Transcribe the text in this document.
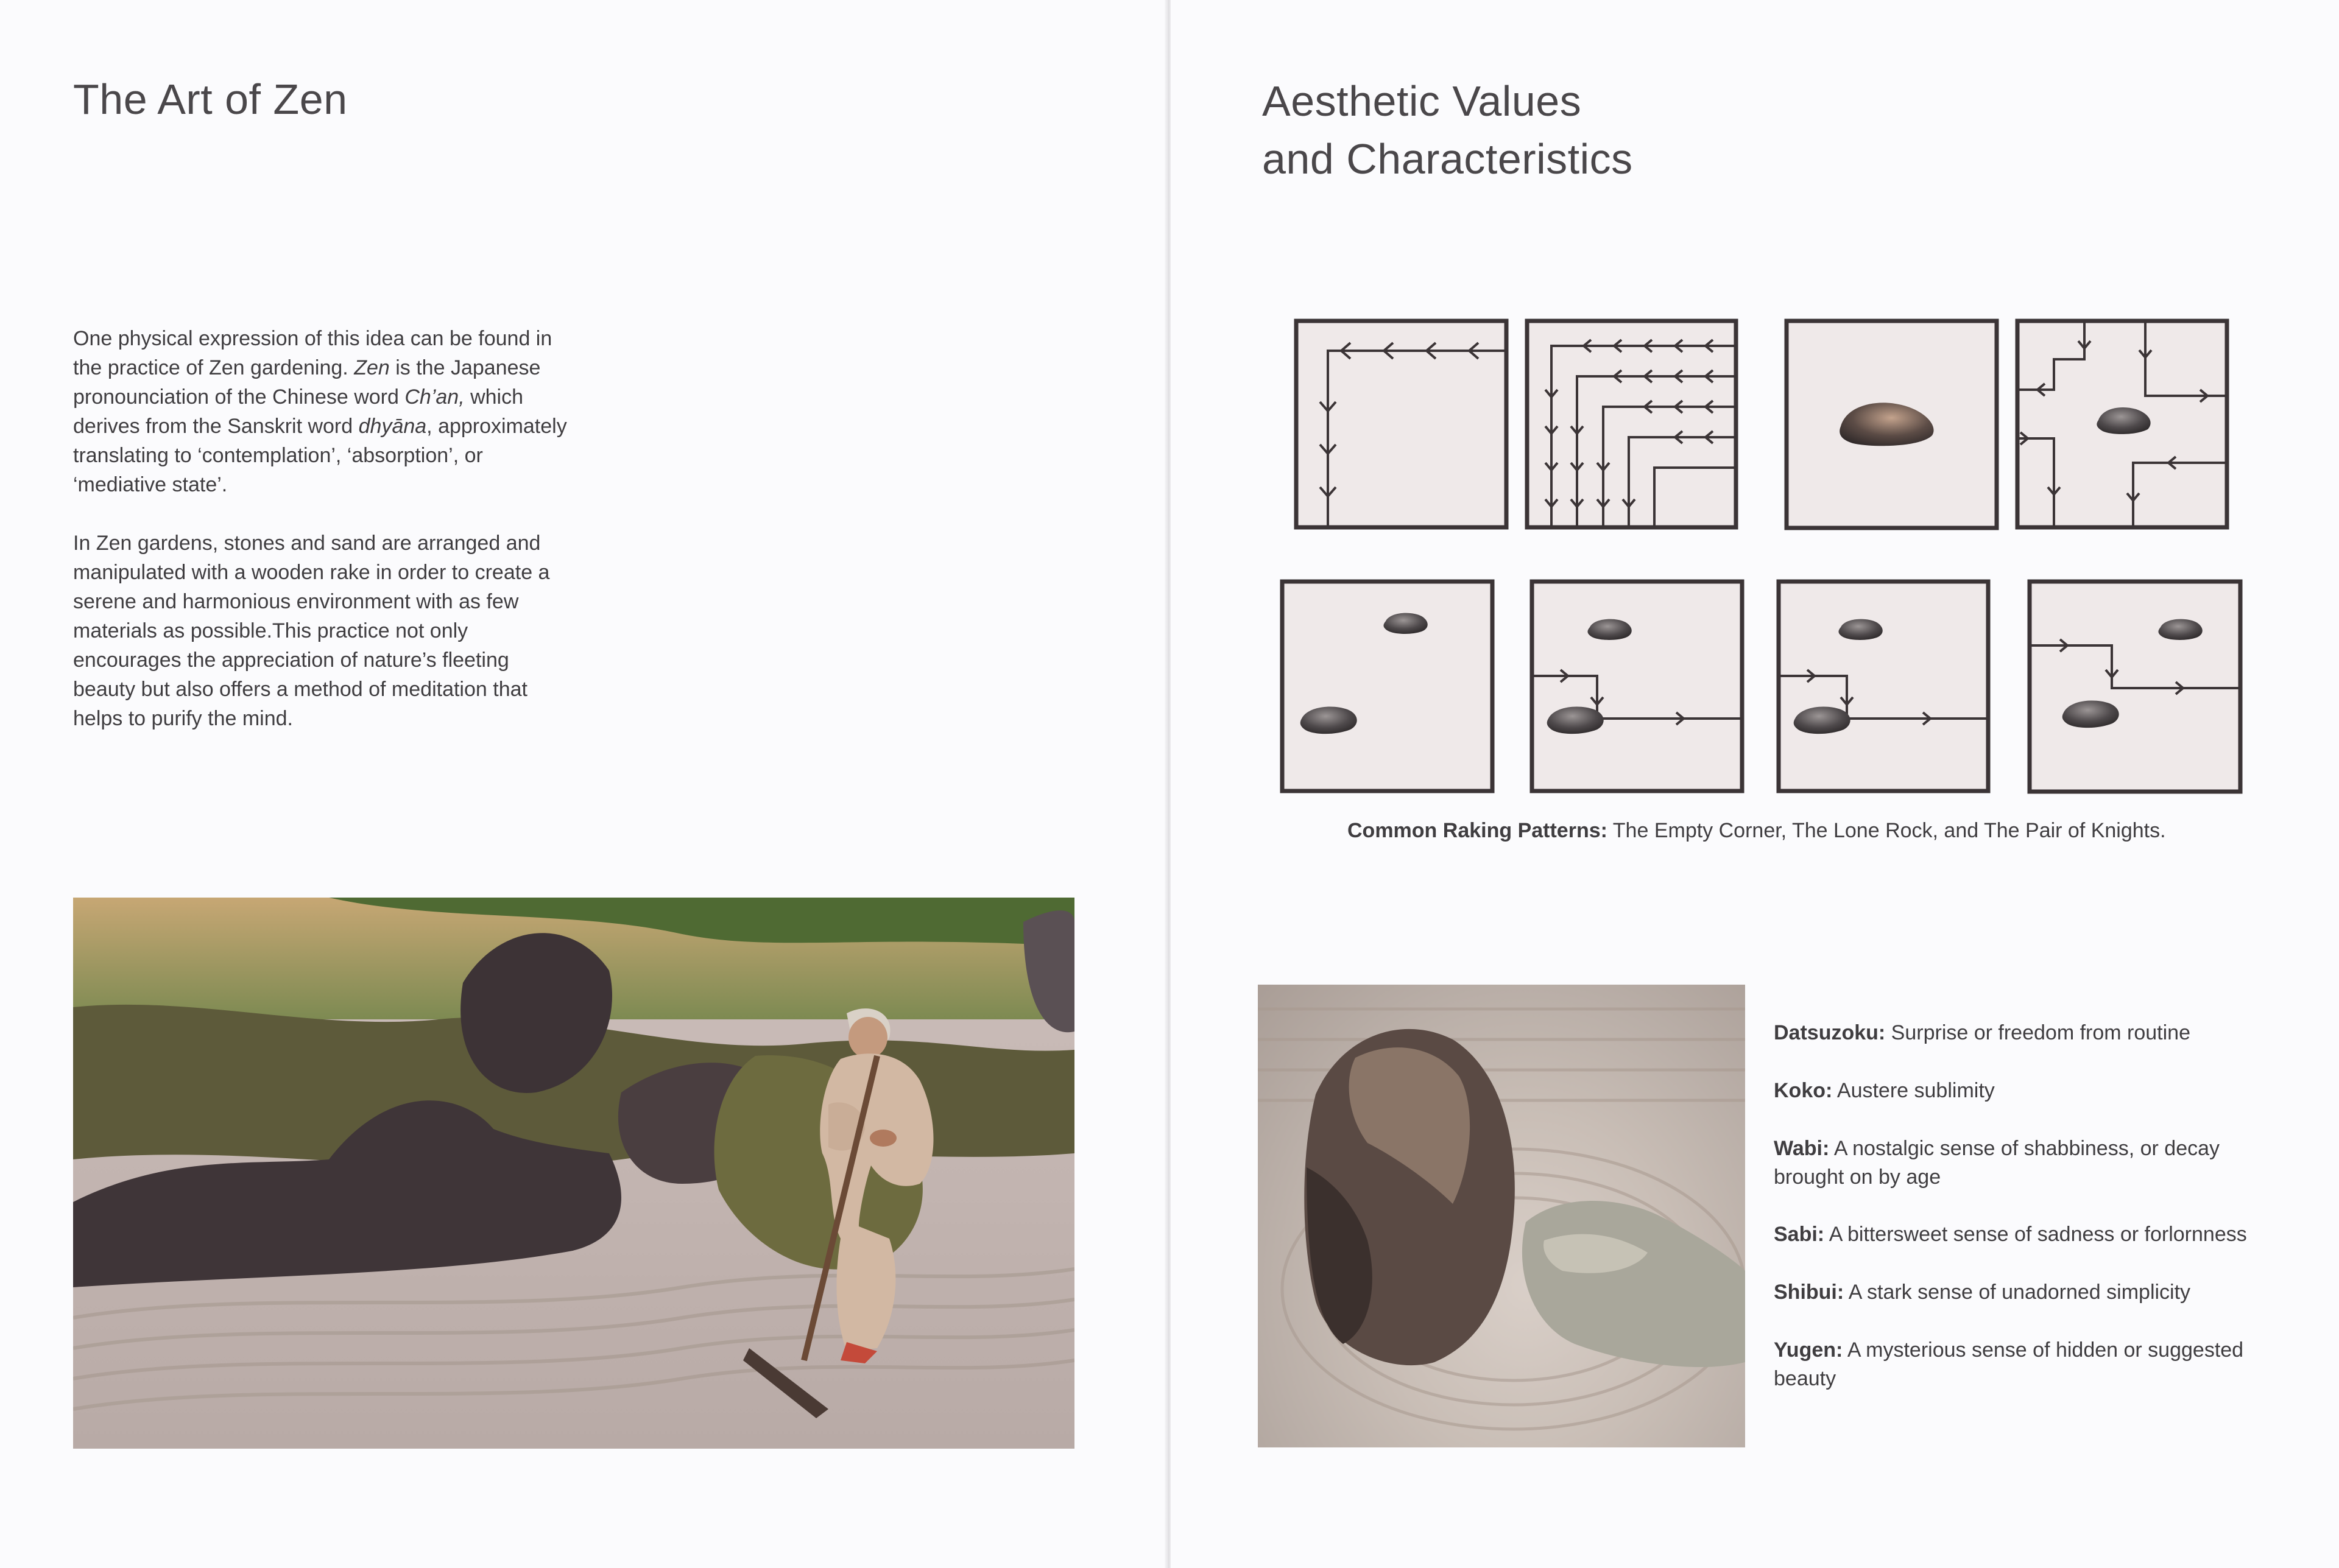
The Art of Zen

One physical expression of this idea can be found in the practice of Zen gardening. Zen is the Japanese pronounciation of the Chinese word Ch’an, which derives from the Sanskrit word dhyāna, approximately translating to ‘contemplation’, ‘absorption’, or ‘mediative state’.

In Zen gardens, stones and sand are arranged and manipulated with a wooden rake in order to create a serene and harmonious environment with as few materials as possible.This practice not only encourages the appreciation of nature’s fleeting beauty but also offers a method of meditation that helps to purify the mind.

Aesthetic Values
and Characteristics
Common Raking Patterns: The Empty Corner, The Lone Rock, and The Pair of Knights.
Datsuzoku: Surprise or freedom from routine
Koko: Austere sublimity
Wabi: A nostalgic sense of shabbiness, or decay brought on by age
Sabi: A bittersweet sense of sadness or forlornness
Shibui: A stark sense of unadorned simplicity
Yugen: A mysterious sense of hidden or suggested beauty
